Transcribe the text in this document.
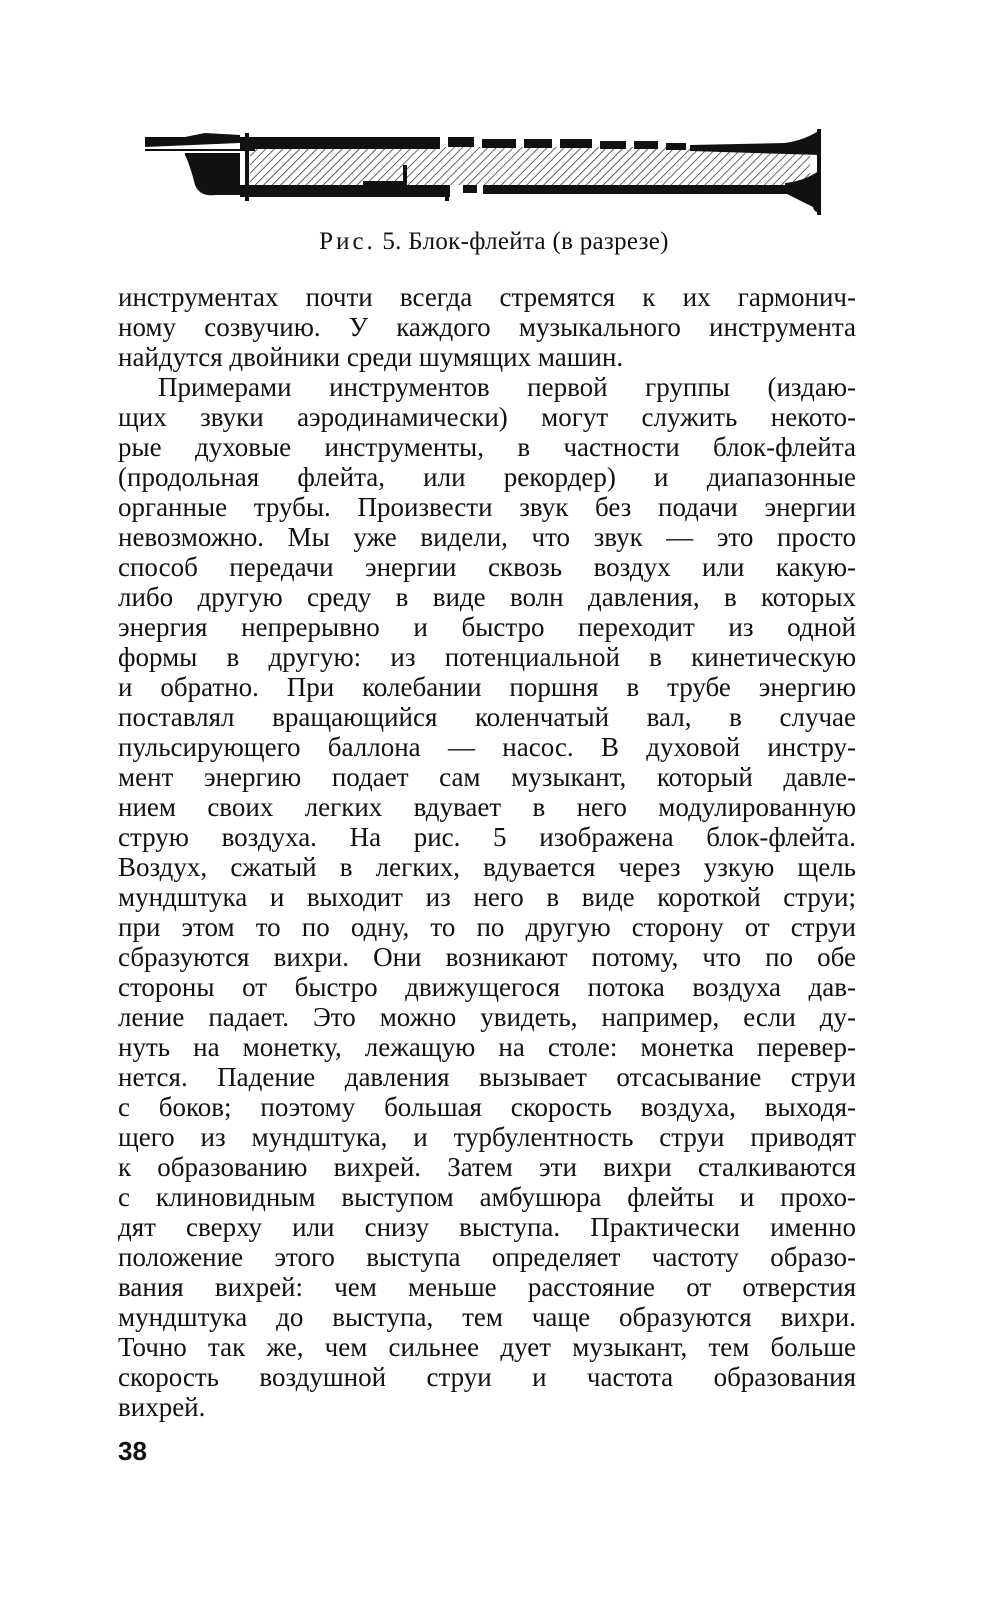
Рис. 5. Блок-флейта (в разрезе)
инструментах почти всегда стремятся к их гармонич-
ному созвучию. У каждого музыкального инструмента
найдутся двойники среди шумящих машин.
Примерами инструментов первой группы (издаю-
щих звуки аэродинамически) могут служить некото-
рые духовые инструменты, в частности блок-флейта
(продольная флейта, или рекордер) и диапазонные
органные трубы. Произвести звук без подачи энергии
невозможно. Мы уже видели, что звук — это просто
способ передачи энергии сквозь воздух или какую-
либо другую среду в виде волн давления, в которых
энергия непрерывно и быстро переходит из одной
формы в другую: из потенциальной в кинетическую
и обратно. При колебании поршня в трубе энергию
поставлял вращающийся коленчатый вал, в случае
пульсирующего баллона — насос. В духовой инстру-
мент энергию подает сам музыкант, который давле-
нием своих легких вдувает в него модулированную
струю воздуха. На рис. 5 изображена блок-флейта.
Воздух, сжатый в легких, вдувается через узкую щель
мундштука и выходит из него в виде короткой струи;
при этом то по одну, то по другую сторону от струи
сбразуются вихри. Они возникают потому, что по обе
стороны от быстро движущегося потока воздуха дав-
ление падает. Это можно увидеть, например, если ду-
нуть на монетку, лежащую на столе: монетка перевер-
нется. Падение давления вызывает отсасывание струи
с боков; поэтому большая скорость воздуха, выходя-
щего из мундштука, и турбулентность струи приводят
к образованию вихрей. Затем эти вихри сталкиваются
с клиновидным выступом амбушюра флейты и прохо-
дят сверху или снизу выступа. Практически именно
положение этого выступа определяет частоту образо-
вания вихрей: чем меньше расстояние от отверстия
мундштука до выступа, тем чаще образуются вихри.
Точно так же, чем сильнее дует музыкант, тем больше
скорость воздушной струи и частота образования
вихрей.
38
